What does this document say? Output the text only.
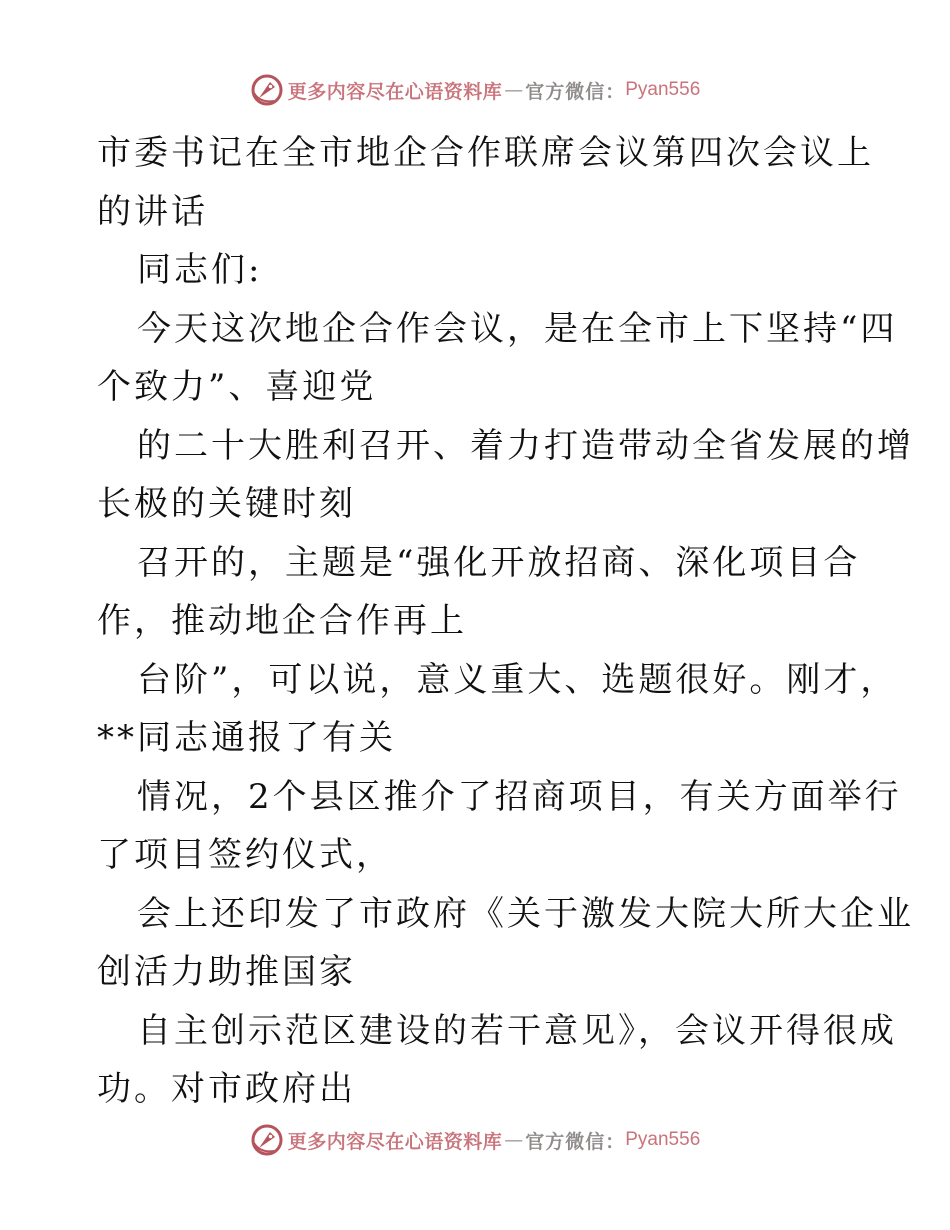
更多内容尽在心语资料库 — 官方微信： Pyan556
市委书记在全市地企合作联席会议第四次会议上
的讲话
同志们:
今天这次地企合作会议，是在全市上下坚持“四
个致力”、喜迎党
的二十大胜利召开、着力打造带动全省发展的增
长极的关键时刻
召开的，主题是“强化开放招商、深化项目合
作，推动地企合作再上
台阶”，可以说，意义重大、选题很好。刚才，
**同志通报了有关
情况，2个县区推介了招商项目，有关方面举行
了项目签约仪式，
会上还印发了市政府《关于激发大院大所大企业
创活力助推国家
自主创示范区建设的若干意见》，会议开得很成
功。对市政府出
更多内容尽在心语资料库 — 官方微信： Pyan556
